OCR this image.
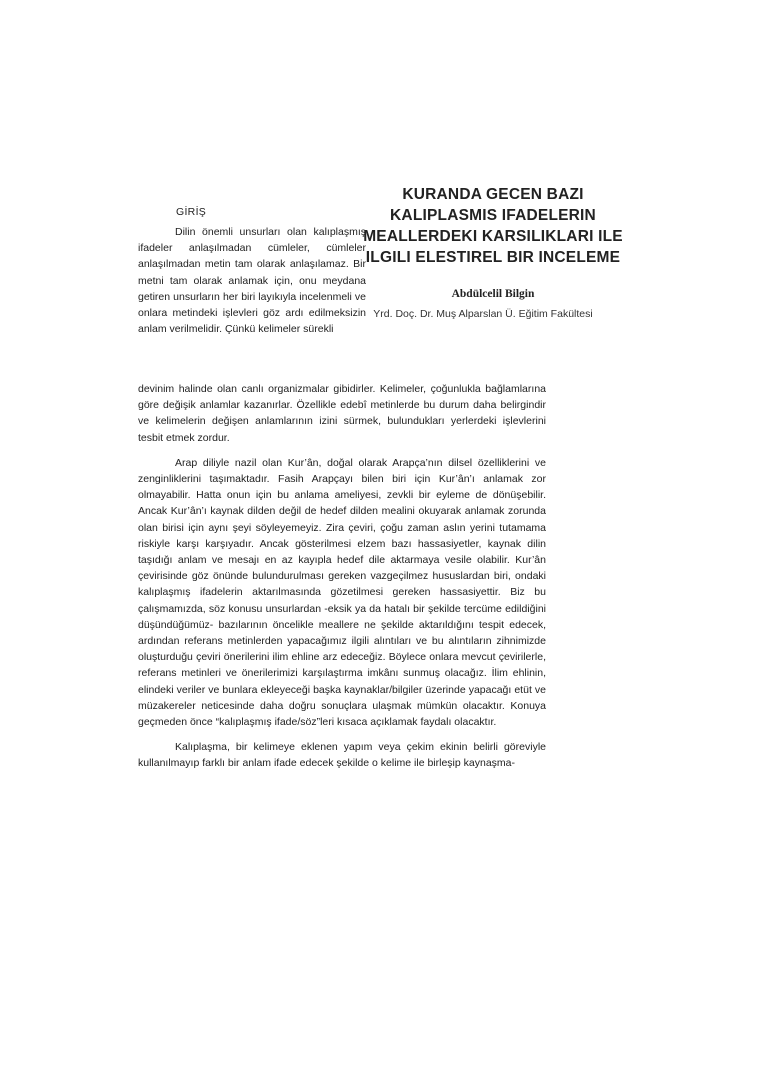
KURANDA GECEN BAZI KALIPLASMIS IFADELERIN MEALLERDEKI KARSILIKLARI ILE ILGILI ELESTIREL BIR INCELEME
Abdülcelil Bilgin
Yrd. Doç. Dr. Muş Alparslan Ü. Eğitim Fakültesi
GİRİŞ

Dilin önemli unsurları olan kalıplaşmış ifadeler anlaşılmadan cümleler, cümleler anlaşılmadan metin tam olarak anlaşılamaz. Bir metni tam olarak anlamak için, onu meydana getiren unsurların her biri layıkıyla incelenmeli ve onlara metindeki işlevleri göz ardı edilmeksizin anlam verilmelidir. Çünkü kelimeler sürekli

devinim halinde olan canlı organizmalar gibidirler. Kelimeler, çoğunlukla bağlamlarına göre değişik anlamlar kazanırlar. Özellikle edebî metinlerde bu durum daha belirgindir ve kelimelerin değişen anlamlarının izini sürmek, bulundukları yerlerdeki işlevlerini tesbit etmek zordur.

Arap diliyle nazil olan Kur’ân, doğal olarak Arapça’nın dilsel özelliklerini ve zenginliklerini taşımaktadır. Fasih Arapçayı bilen biri için Kur’ân’ı anlamak zor olmayabilir. Hatta onun için bu anlama ameliyesi, zevkli bir eyleme de dönüşebilir. Ancak Kur’ân’ı kaynak dilden değil de hedef dilden mealini okuyarak anlamak zorunda olan birisi için aynı şeyi söyleyemeyiz. Zira çeviri, çoğu zaman aslın yerini tutamama riskiyle karşı karşıyadır. Ancak gösterilmesi elzem bazı hassasiyetler, kaynak dilin taşıdığı anlam ve mesajı en az kayıpla hedef dile aktarmaya vesile olabilir. Kur’ân çevirisinde göz önünde bulundurulması gereken vazgeçilmez hususlardan biri, ondaki kalıplaşmış ifadelerin aktarılmasında gözetilmesi gereken hassasiyettir. Biz bu çalışmamızda, söz konusu unsurlardan -eksik ya da hatalı bir şekilde tercüme edildiğini düşündüğümüz- bazılarının öncelikle meallere ne şekilde aktarıldığını tespit edecek, ardından referans metinlerden yapacağımız ilgili alıntıları ve bu alıntıların zihnimizde oluşturduğu çeviri önerilerini ilim ehline arz edeceğiz. Böylece onlara mevcut çevirilerle, referans metinleri ve önerilerimizi karşılaştırma imkânı sunmuş olacağız. İlim ehlinin, elindeki veriler ve bunlara ekleyeceği başka kaynaklar/bilgiler üzerinde yapacağı etüt ve müzakereler neticesinde daha doğru sonuçlara ulaşmak mümkün olacaktır. Konuya geçmeden önce “kalıplaşmış ifade/söz”leri kısaca açıklamak faydalı olacaktır.

Kalıplaşma, bir kelimeye eklenen yapım veya çekim ekinin belirli göreviyle kullanılmayıp farklı bir anlam ifade edecek şekilde o kelime ile birleşip kaynaşma-
